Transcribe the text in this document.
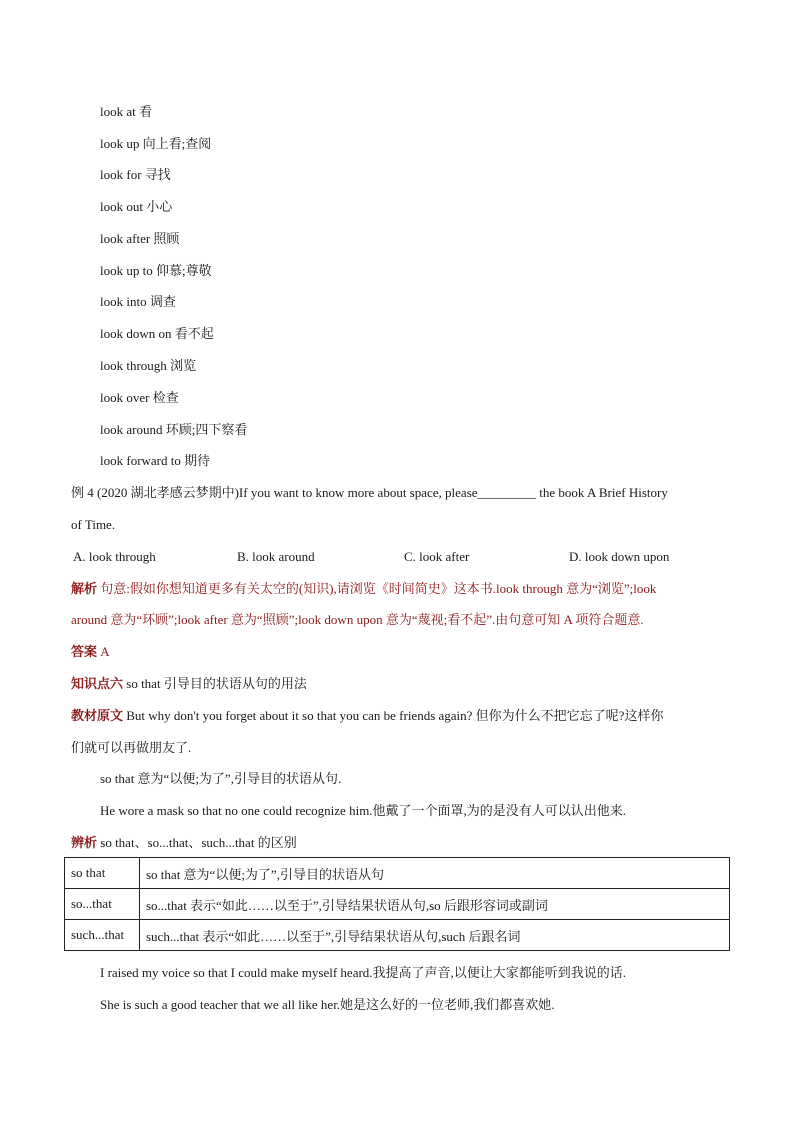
look at 看
look up 向上看;查阅
look for 寻找
look out 小心
look after 照顾
look up to 仰慕;尊敬
look into 调查
look down on 看不起
look through 浏览
look over 检查
look around 环顾;四下察看
look forward to 期待
例 4 (2020 湖北孝感云梦期中)If you want to know more about space, please_________ the book A Brief History
of Time.
A. look through	B. look around	C. look after	D. look down upon
解析 句意:假如你想知道更多有关太空的(知识),请浏览《时间简史》这本书.look through 意为“浏览”;look
around 意为“环顾”;look after 意为“照顾”;look down upon 意为“蔑视;看不起”.由句意可知 A 项符合题意.
答案 A
知识点六 so that 引导目的状语从句的用法
教材原文 But why don't you forget about it so that you can be friends again? 但你为什么不把它忘了呢?这样你
们就可以再做朋友了.
so that 意为“以便;为了”,引导目的状语从句.
He wore a mask so that no one could recognize him.他戴了一个面罩,为的是没有人可以认出他来.
辨析 so that、so...that、such...that 的区别
so that	so that 意为“以便;为了”,引导目的状语从句
so...that	so...that 表示“如此……以至于”,引导结果状语从句,so 后跟形容词或副词
such...that	such...that 表示“如此……以至于”,引导结果状语从句,such 后跟名词
I raised my voice so that I could make myself heard.我提高了声音,以便让大家都能听到我说的话.
She is such a good teacher that we all like her.她是这么好的一位老师,我们都喜欢她.
